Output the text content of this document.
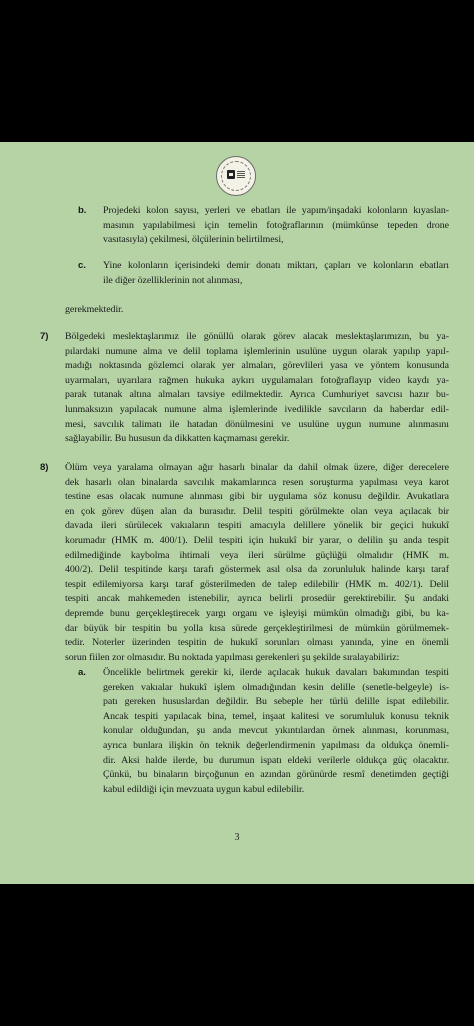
b. Projedeki kolon sayısı, yerleri ve ebatları ile yapım/inşadaki kolonların kıyaslan-
masının yapılabilmesi için temelin fotoğraflarının (mümkünse tepeden drone
vasıtasıyla) çekilmesi, ölçülerinin belirtilmesi,
c. Yine kolonların içerisindeki demir donatı miktarı, çapları ve kolonların ebatları
ile diğer özelliklerinin not alınması,
gerekmektedir.
7) Bölgedeki meslektaşlarımız ile gönüllü olarak görev alacak meslektaşlarımızın, bu ya-
pılardaki numune alma ve delil toplama işlemlerinin usulüne uygun olarak yapılıp yapıl-
madığı noktasında gözlemci olarak yer almaları, görevlileri yasa ve yöntem konusunda
uyarmaları, uyarılara rağmen hukuka aykırı uygulamaları fotoğraflayıp video kaydı ya-
parak tutanak altına almaları tavsiye edilmektedir. Ayrıca Cumhuriyet savcısı hazır bu-
lunmaksızın yapılacak numune alma işlemlerinde ivedilikle savcıların da haberdar edil-
mesi, savcılık talimatı ile hatadan dönülmesini ve usulüne uygun numune alınmasını
sağlayabilir. Bu hususun da dikkatten kaçmaması gerekir.
8) Ölüm veya yaralama olmayan ağır hasarlı binalar da dahil olmak üzere, diğer derecelere
dek hasarlı olan binalarda savcılık makamlarınca resen soruşturma yapılması veya karot
testine esas olacak numune alınması gibi bir uygulama söz konusu değildir. Avukatlara
en çok görev düşen alan da burasıdır. Delil tespiti görülmekte olan veya açılacak bir
davada ileri sürülecek vakıaların tespiti amacıyla delillere yönelik bir geçici hukukî
korumadır (HMK m. 400/1). Delil tespiti için hukukî bir yarar, o delilin şu anda tespit
edilmediğinde kaybolma ihtimali veya ileri sürülme güçlüğü olmalıdır (HMK m.
400/2). Delil tespitinde karşı tarafı göstermek asıl olsa da zorunluluk halinde karşı taraf
tespit edilemiyorsa karşı taraf gösterilmeden de talep edilebilir (HMK m. 402/1). Delil
tespiti ancak mahkemeden istenebilir, ayrıca belirli prosedür gerektirebilir. Şu andaki
depremde bunu gerçekleştirecek yargı organı ve işleyişi mümkün olmadığı gibi, bu ka-
dar büyük bir tespitin bu yolla kısa sürede gerçekleştirilmesi de mümkün görülmemek-
tedir. Noterler üzerinden tespitin de hukukî sorunları olması yanında, yine en önemli
sorun fiilen zor olmasıdır. Bu noktada yapılması gerekenleri şu şekilde sıralayabiliriz:
a. Öncelikle belirtmek gerekir ki, ilerde açılacak hukuk davaları bakımından tespiti
gereken vakıalar hukukî işlem olmadığından kesin delille (senetle-belgeyle) is-
patı gereken hususlardan değildir. Bu sebeple her türlü delille ispat edilebilir.
Ancak tespiti yapılacak bina, temel, inşaat kalitesi ve sorumluluk konusu teknik
konular olduğundan, şu anda mevcut yıkıntılardan örnek alınması, korunması,
ayrıca bunlara ilişkin ön teknik değerlendirmenin yapılması da oldukça önemli-
dir. Aksi halde ilerde, bu durumun ispatı eldeki verilerle oldukça güç olacaktır.
Çünkü, bu binaların birçoğunun en azından görünürde resmî denetimden geçtiği
kabul edildiği için mevzuata uygun kabul edilebilir.
3
